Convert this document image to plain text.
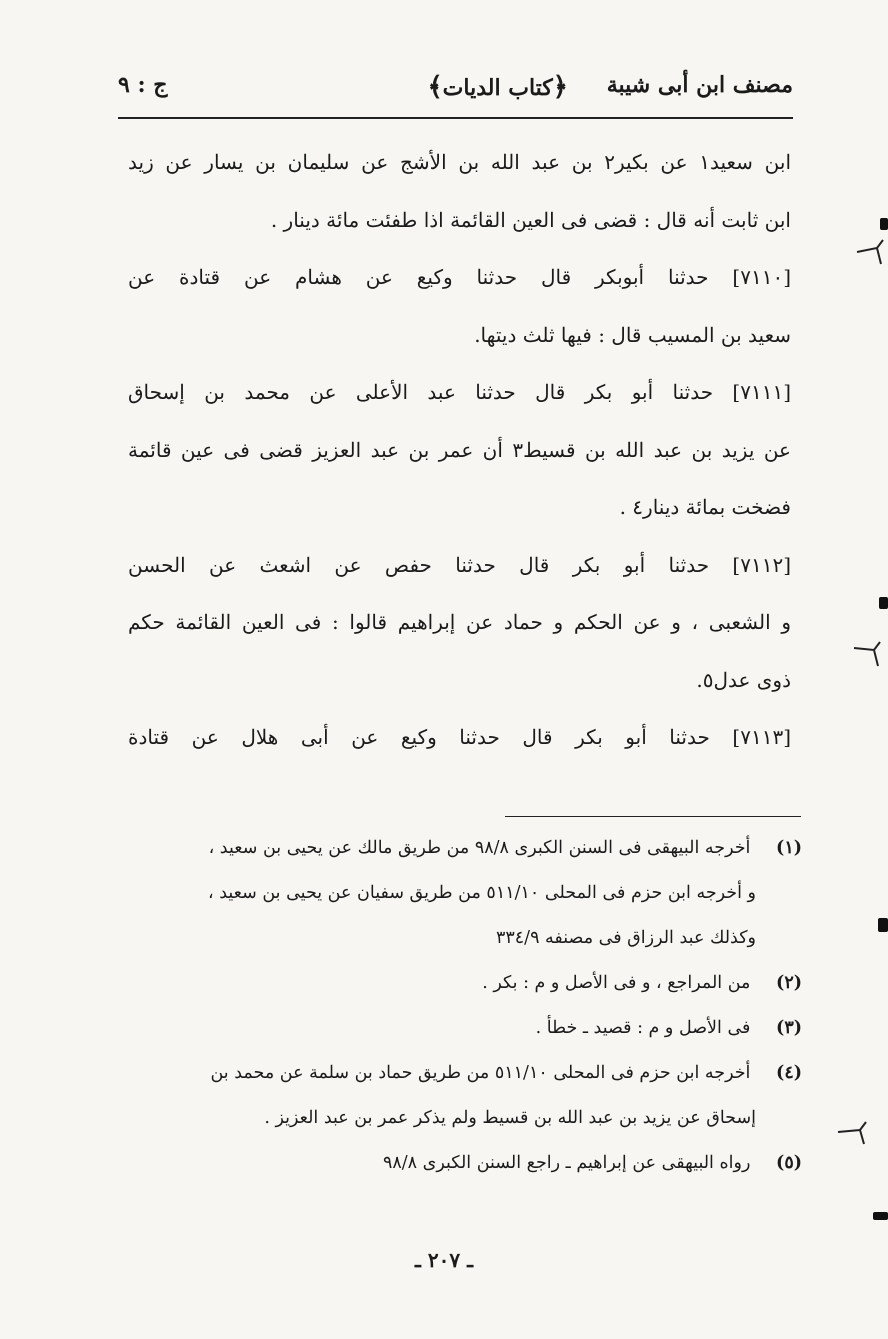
مصنف ابن أبى شيبة
﴿كتاب الديات﴾
ج : ٩
ابن سعيد١ عن بكير٢ بن عبد الله بن الأشج عن سليمان بن يسار عن زيد
ابن ثابت أنه قال : قضى فى العين القائمة اذا طفئت مائة دينار .
[٧١١٠] حدثنا أبوبكر قال حدثنا وكيع عن هشام عن قتادة عن
سعيد بن المسيب قال : فيها ثلث ديتها.
[٧١١١] حدثنا أبو بكر قال حدثنا عبد الأعلى عن محمد بن إسحاق
عن يزيد بن عبد الله بن قسيط٣ أن عمر بن عبد العزيز قضى فى عين قائمة
فضخت بمائة دينار٤ .
[٧١١٢] حدثنا أبو بكر قال حدثنا حفص عن اشعث عن الحسن
و الشعبى ، و عن الحكم و حماد عن إبراهيم قالوا : فى العين القائمة حكم
ذوى عدل٥.
[٧١١٣] حدثنا أبو بكر قال حدثنا وكيع عن أبى هلال عن قتادة
(١) أخرجه البيهقى فى السنن الكبرى ٩٨/٨ من طريق مالك عن يحيى بن سعيد ،
و أخرجه ابن حزم فى المحلى ٥١١/١٠ من طريق سفيان عن يحيى بن سعيد ،
وكذلك عبد الرزاق فى مصنفه ٣٣٤/٩
(٢) من المراجع ، و فى الأصل و م : بكر .
(٣) فى الأصل و م : قصيد ـ خطأ .
(٤) أخرجه ابن حزم فى المحلى ٥١١/١٠ من طريق حماد بن سلمة عن محمد بن
إسحاق عن يزيد بن عبد الله بن قسيط ولم يذكر عمر بن عبد العزيز .
(٥) رواه البيهقى عن إبراهيم ـ راجع السنن الكبرى ٩٨/٨
ـ ٢٠٧ ـ
